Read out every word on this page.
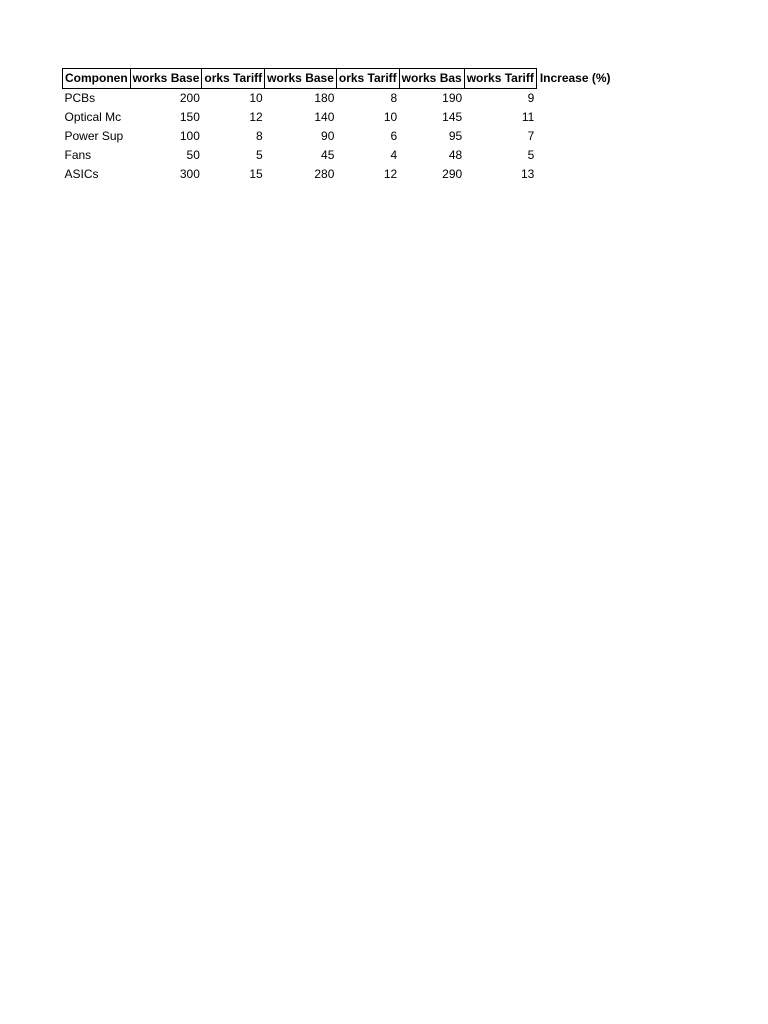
Componen	works Base	orks Tariff	works Base	orks Tariff	works Bas	works Tariff	Increase (%)
PCBs	200	10	180	8	190	9	
Optical Mc	150	12	140	10	145	11	
Power Sup	100	8	90	6	95	7	
Fans	50	5	45	4	48	5	
ASICs	300	15	280	12	290	13	
